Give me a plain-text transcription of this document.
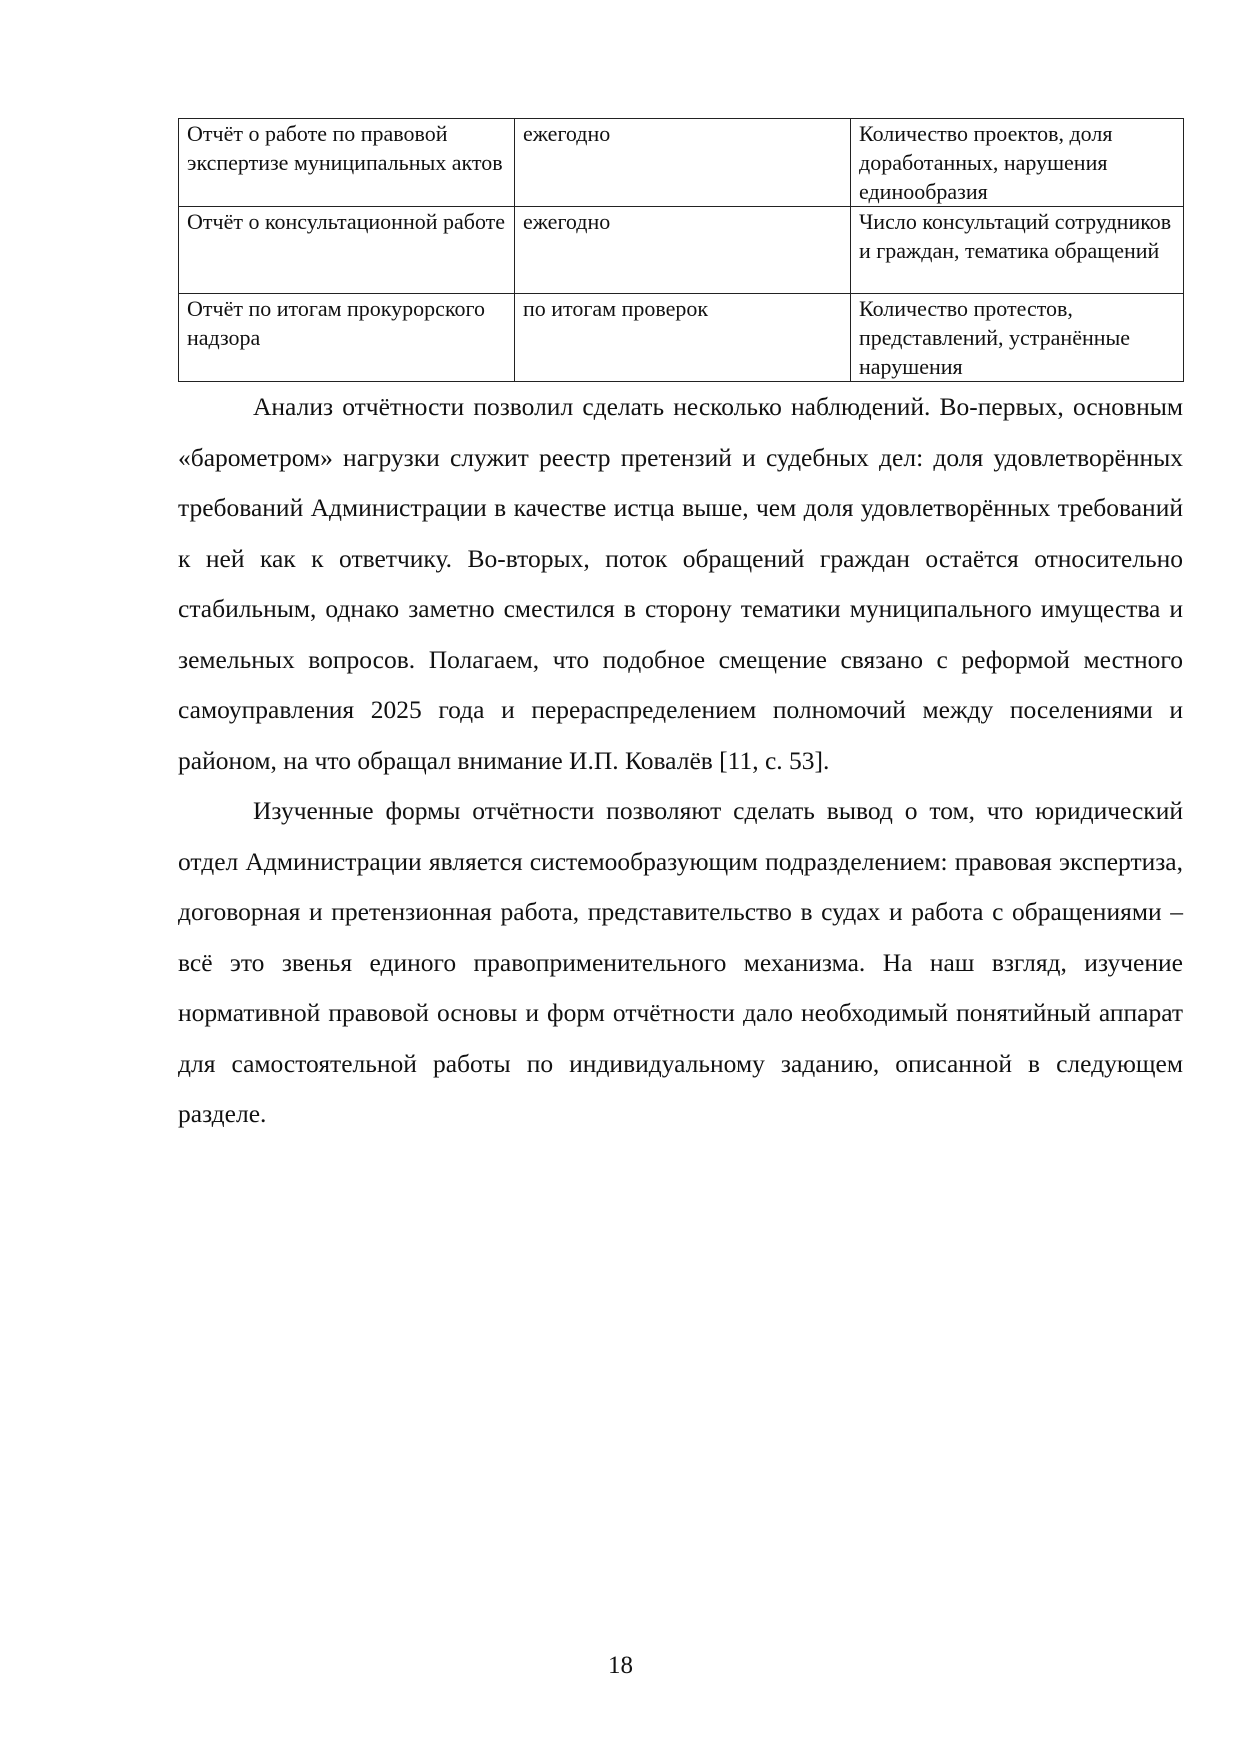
Отчёт о работе по правовой экспертизе муниципальных актов	ежегодно	Количество проектов, доля доработанных, нарушения единообразия

Отчёт о консультационной работе	ежегодно	Число консультаций сотрудников и граждан, тематика обращений

Отчёт по итогам прокурорского надзора	по итогам проверок	Количество протестов, представлений, устранённые нарушения

Анализ отчётности позволил сделать несколько наблюдений. Во-первых, основным «барометром» нагрузки служит реестр претензий и судебных дел: доля удовлетворённых требований Администрации в качестве истца выше, чем доля удовлетворённых требований к ней как к ответчику. Во-вторых, поток обращений граждан остаётся относительно стабильным, однако заметно сместился в сторону тематики муниципального имущества и земельных вопросов. Полагаем, что подобное смещение связано с реформой местного самоуправления 2025 года и перераспределением полномочий между поселениями и районом, на что обращал внимание И.П. Ковалёв [11, с. 53].

Изученные формы отчётности позволяют сделать вывод о том, что юридический отдел Администрации является системообразующим подразделением: правовая экспертиза, договорная и претензионная работа, представительство в судах и работа с обращениями – всё это звенья единого правоприменительного механизма. На наш взгляд, изучение нормативной правовой основы и форм отчётности дало необходимый понятийный аппарат для самостоятельной работы по индивидуальному заданию, описанной в следующем разделе.

18
